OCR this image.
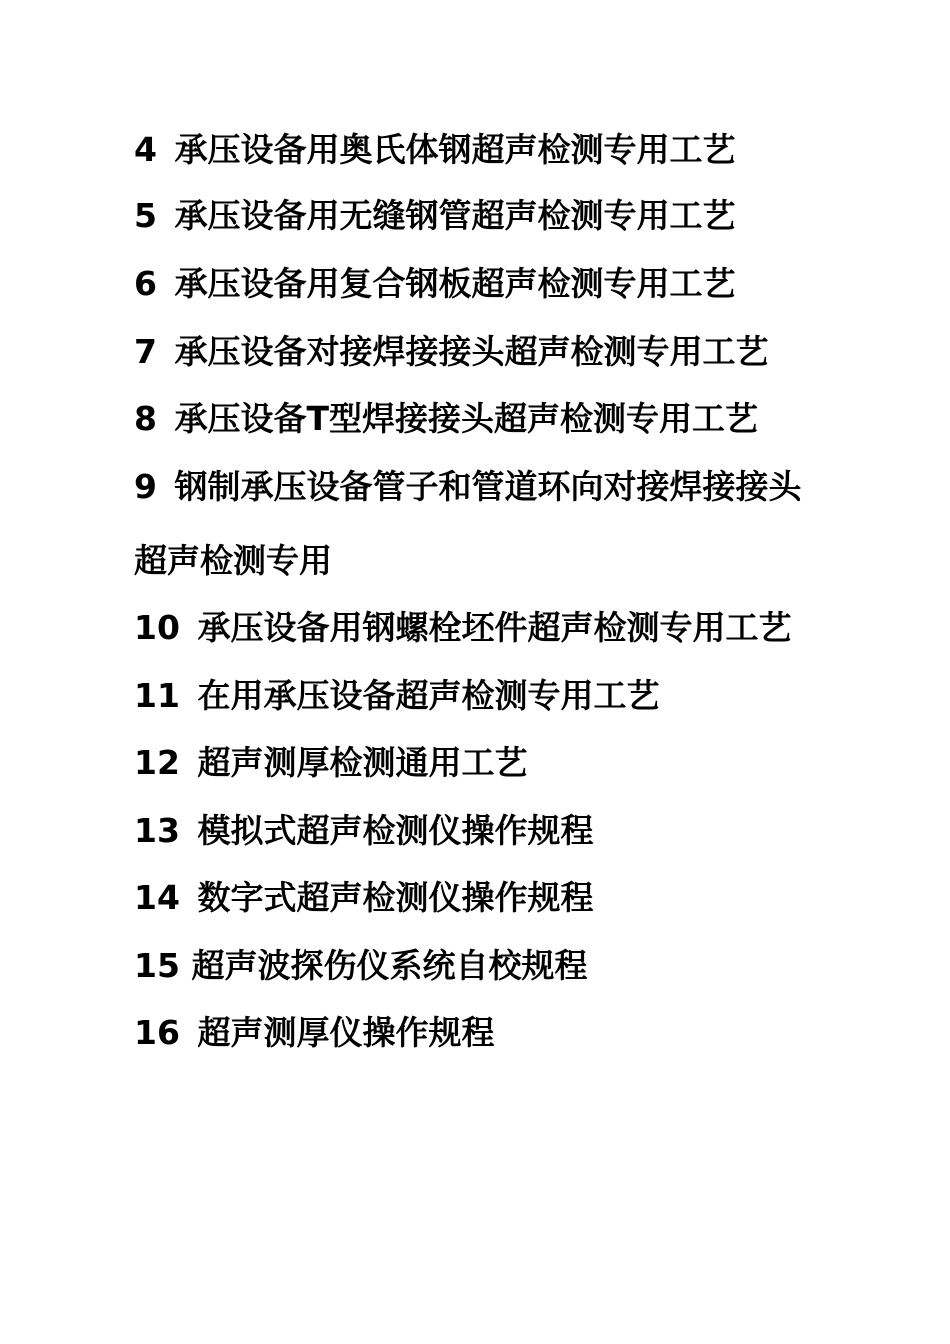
4 承压设备用奥氏体钢超声检测专用工艺
5 承压设备用无缝钢管超声检测专用工艺
6 承压设备用复合钢板超声检测专用工艺
7 承压设备对接焊接接头超声检测专用工艺
8 承压设备T型焊接接头超声检测专用工艺
9 钢制承压设备管子和管道环向对接焊接接头
超声检测专用
10 承压设备用钢螺栓坯件超声检测专用工艺
11 在用承压设备超声检测专用工艺
12 超声测厚检测通用工艺
13 模拟式超声检测仪操作规程
14 数字式超声检测仪操作规程
15 超声波探伤仪系统自校规程
16 超声测厚仪操作规程
